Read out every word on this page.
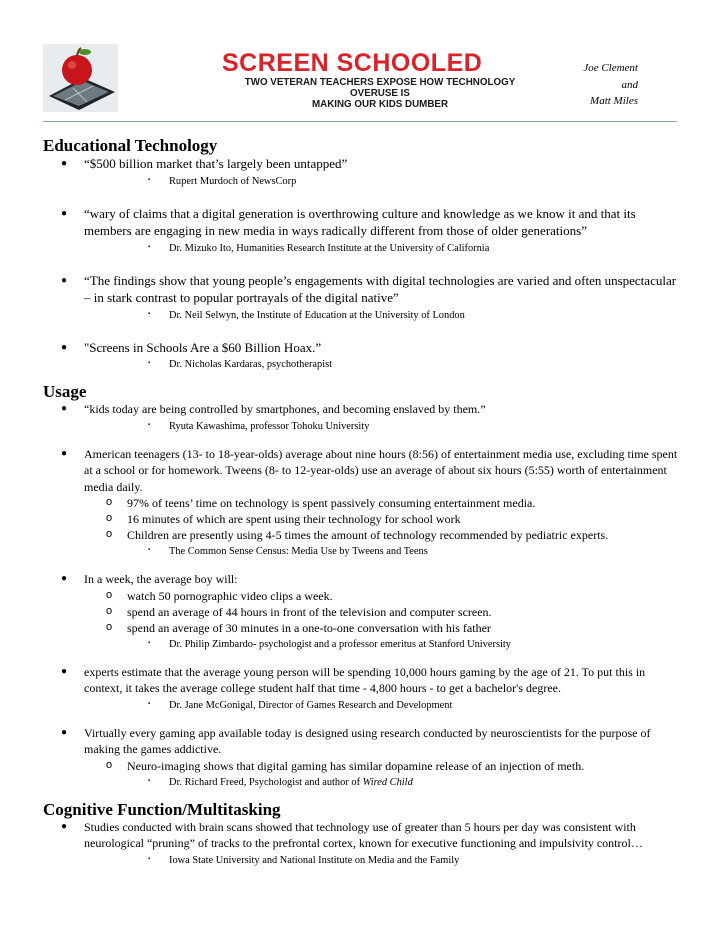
SCREEN SCHOOLED
TWO VETERAN TEACHERS EXPOSE HOW TECHNOLOGY OVERUSE IS
MAKING OUR KIDS DUMBER
Joe Clement
and
Matt Miles
Educational Technology
● “$500 billion market that’s largely been untapped”
▪ Rupert Murdoch of NewsCorp
● “wary of claims that a digital generation is overthrowing culture and knowledge as we know it and that its members are engaging in new media in ways radically different from those of older generations”
▪ Dr. Mizuko Ito, Humanities Research Institute at the University of California
● “The findings show that young people’s engagements with digital technologies are varied and often unspectacular – in stark contrast to popular portrayals of the digital native”
▪ Dr. Neil Selwyn, the Institute of Education at the University of London
● "Screens in Schools Are a $60 Billion Hoax.”
▪ Dr. Nicholas Kardaras, psychotherapist
Usage
● “kids today are being controlled by smartphones, and becoming enslaved by them.”
▪ Ryuta Kawashima, professor Tohoku University
● American teenagers (13- to 18-year-olds) average about nine hours (8:56) of entertainment media use, excluding time spent at a school or for homework. Tweens (8- to 12-year-olds) use an average of about six hours (5:55) worth of entertainment media daily.
o 97% of teens’ time on technology is spent passively consuming entertainment media.
o 16 minutes of which are spent using their technology for school work
o Children are presently using 4-5 times the amount of technology recommended by pediatric experts.
▪ The Common Sense Census: Media Use by Tweens and Teens
● In a week, the average boy will:
o watch 50 pornographic video clips a week.
o spend an average of 44 hours in front of the television and computer screen.
o spend an average of 30 minutes in a one-to-one conversation with his father
▪ Dr. Philip Zimbardo- psychologist and a professor emeritus at Stanford University
● experts estimate that the average young person will be spending 10,000 hours gaming by the age of 21. To put this in context, it takes the average college student half that time - 4,800 hours - to get a bachelor's degree.
▪ Dr. Jane McGonigal, Director of Games Research and Development
● Virtually every gaming app available today is designed using research conducted by neuroscientists for the purpose of making the games addictive.
o Neuro-imaging shows that digital gaming has similar dopamine release of an injection of meth.
▪ Dr. Richard Freed, Psychologist and author of Wired Child
Cognitive Function/Multitasking
● Studies conducted with brain scans showed that technology use of greater than 5 hours per day was consistent with neurological “pruning” of tracks to the prefrontal cortex, known for executive functioning and impulsivity control…
▪ Iowa State University and National Institute on Media and the Family
